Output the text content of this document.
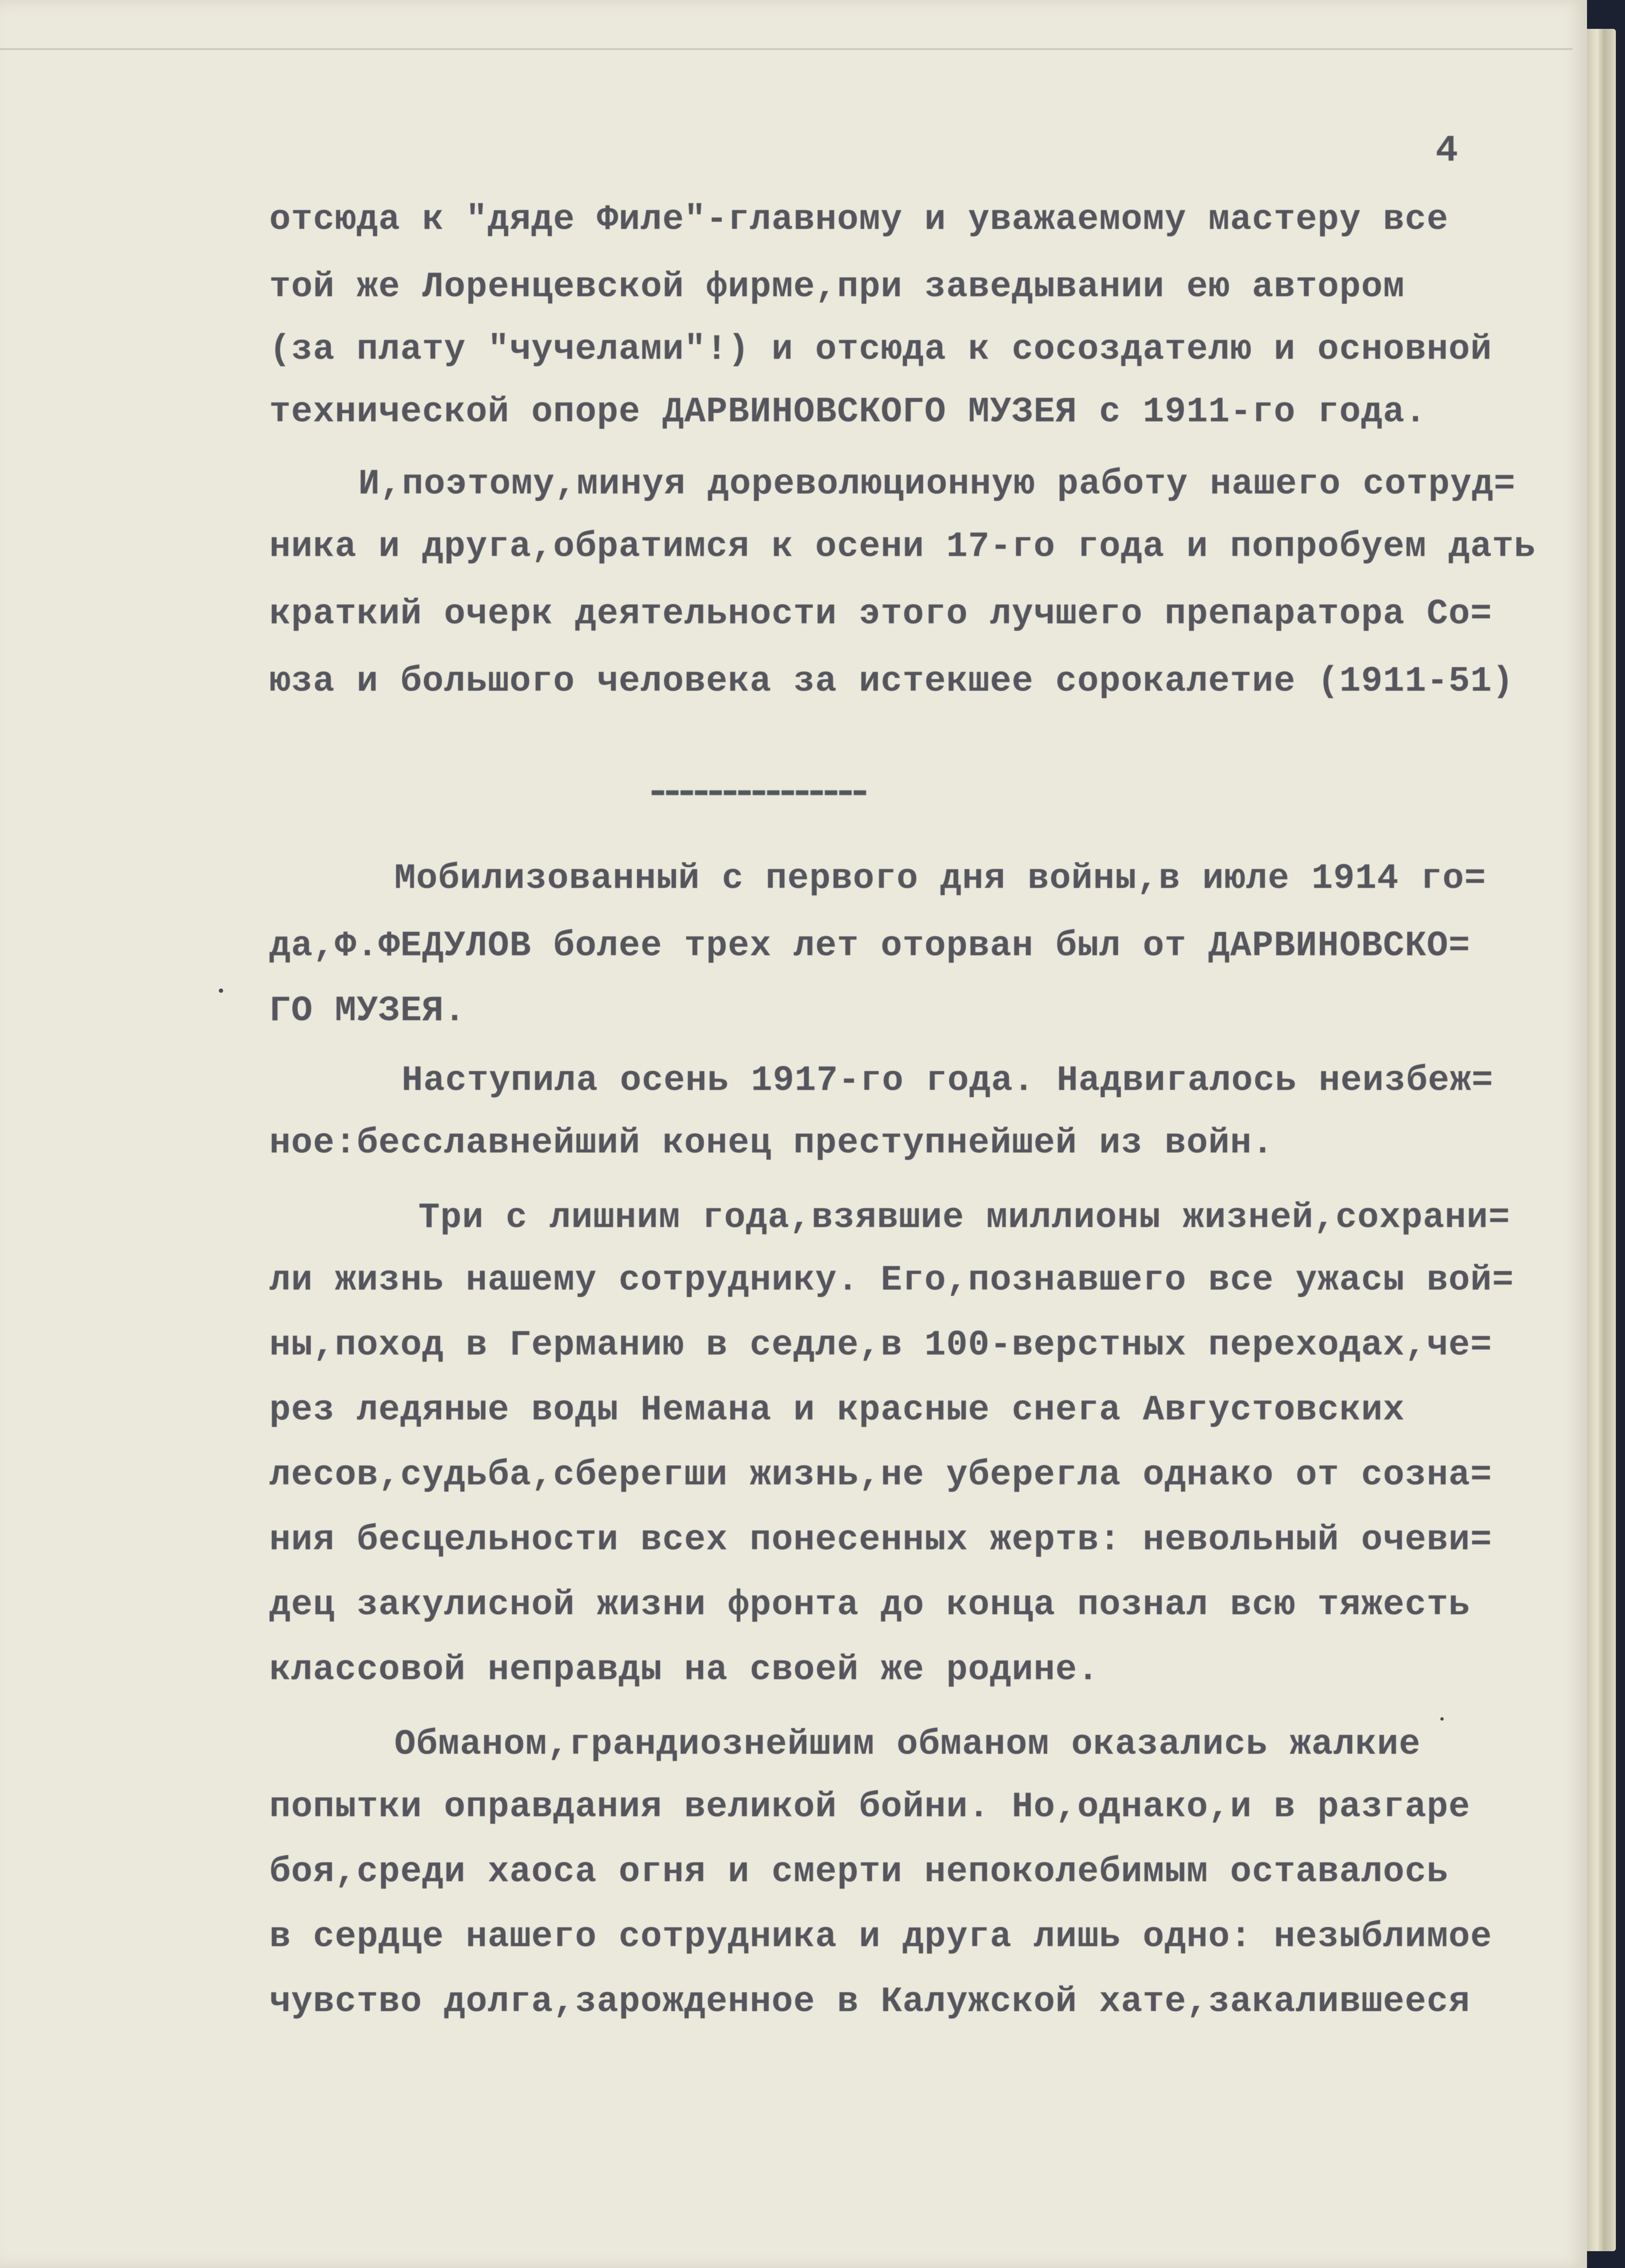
4
отсюда к "дяде Филе"-главному и уважаемому мастеру все
той же Лоренцевской фирме,при заведывании ею автором
(за плату "чучелами"!) и отсюда к сосоздателю и основной
технической опоре ДАРВИНОВСКОГО МУЗЕЯ с 1911-го года.
И,поэтому,минуя дореволюционную работу нашего сотруд=
ника и друга,обратимся к осени 17-го года и попробуем дать
краткий очерк деятельности этого лучшего препаратора Со=
юза и большого человека за истекшее сорокалетие (1911-51)
Мобилизованный с первого дня войны,в июле 1914 го=
да,Ф.ФЕДУЛОВ более трех лет оторван был от ДАРВИНОВСКО=
ГО МУЗЕЯ.
Наступила осень 1917-го года. Надвигалось неизбеж=
ное:бесславнейший конец преступнейшей из войн.
Три с лишним года,взявшие миллионы жизней,сохрани=
ли жизнь нашему сотруднику. Его,познавшего все ужасы вой=
ны,поход в Германию в седле,в 100-верстных переходах,че=
рез ледяные воды Немана и красные снега Августовских
лесов,судьба,сберегши жизнь,не уберегла однако от созна=
ния бесцельности всех понесенных жертв: невольный очеви=
дец закулисной жизни фронта до конца познал всю тяжесть
классовой неправды на своей же родине.
Обманом,грандиознейшим обманом оказались жалкие
попытки оправдания великой бойни. Но,однако,и в разгаре
боя,среди хаоса огня и смерти непоколебимым оставалось
в сердце нашего сотрудника и друга лишь одно: незыблимое
чувство долга,зарожденное в Калужской хате,закалившееся
